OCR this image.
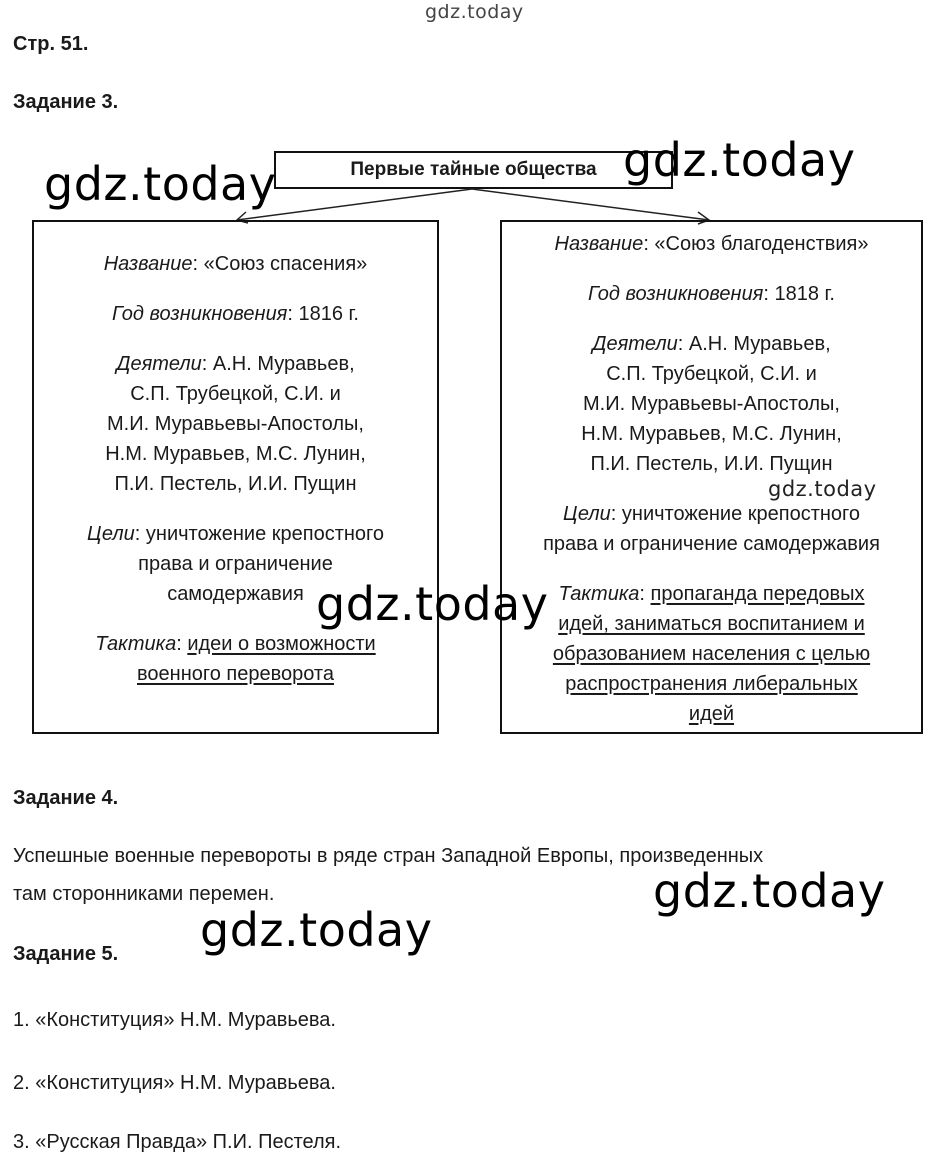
gdz.today
Стр. 51.
Задание 3.
Первые тайные общества

Название: «Союз спасения»

Год возникновения: 1816 г.

Деятели: А.Н. Муравьев,

С.П. Трубецкой, С.И. и

М.И. Муравьевы-Апостолы,

Н.М. Муравьев, М.С. Лунин,

П.И. Пестель, И.И. Пущин

Цели: уничтожение крепостного

права и ограничение

самодержавия

Тактика: идеи о возможности

военного переворота

Название: «Союз благоденствия»

Год возникновения: 1818 г.

Деятели: А.Н. Муравьев,

С.П. Трубецкой, С.И. и

М.И. Муравьевы-Апостолы,

Н.М. Муравьев, М.С. Лунин,

П.И. Пестель, И.И. Пущин

Цели: уничтожение крепостного

права и ограничение самодержавия

Тактика: пропаганда передовых

идей, заниматься воспитанием и

образованием населения с целью

распространения либеральных

идей

Задание 4.
Успешные военные перевороты в ряде стран Западной Европы, произведенных
там сторонниками перемен.
Задание 5.
1. «Конституция» Н.М. Муравьева.
2. «Конституция» Н.М. Муравьева.
3. «Русская Правда» П.И. Пестеля.
gdz.today	gdz.today
gdz.today
gdz.today
gdz.today
gdz.today
